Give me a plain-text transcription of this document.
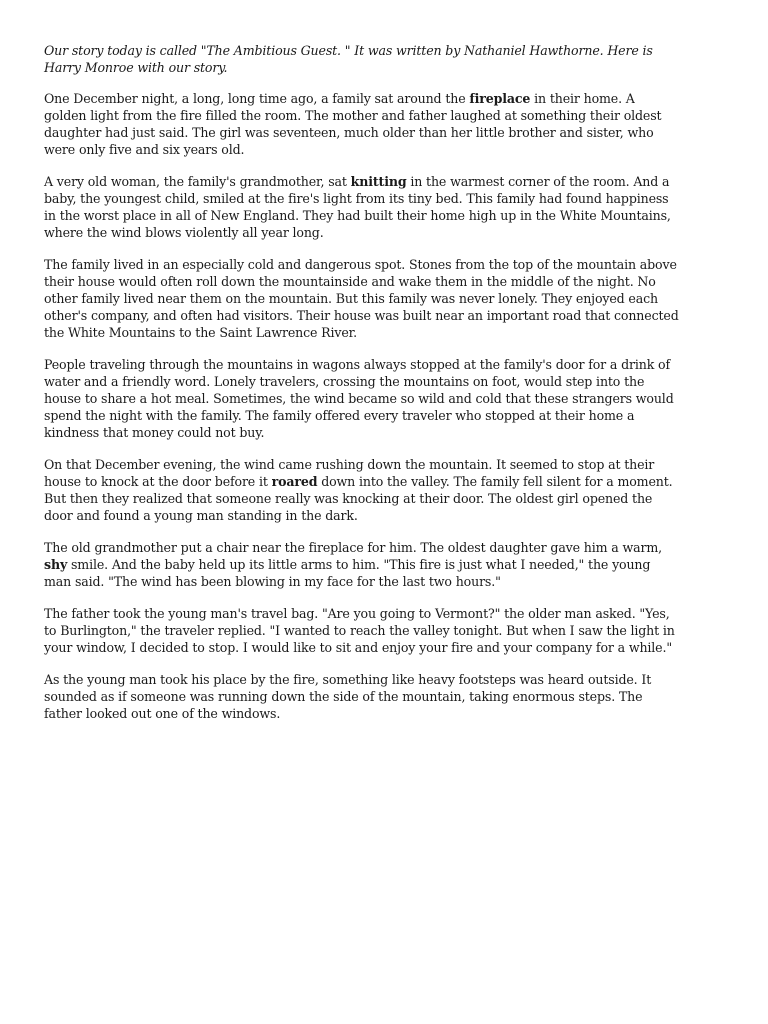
Our story today is called "The Ambitious Guest. " It was written by Nathaniel Hawthorne. Here is Harry Monroe with our story.

One December night, a long, long time ago, a family sat around the fireplace in their home. A golden light from the fire filled the room. The mother and father laughed at something their oldest daughter had just said. The girl was seventeen, much older than her little brother and sister, who were only five and six years old.

A very old woman, the family's grandmother, sat knitting in the warmest corner of the room. And a baby, the youngest child, smiled at the fire's light from its tiny bed. This family had found happiness in the worst place in all of New England. They had built their home high up in the White Mountains, where the wind blows violently all year long.

The family lived in an especially cold and dangerous spot. Stones from the top of the mountain above their house would often roll down the mountainside and wake them in the middle of the night. No other family lived near them on the mountain. But this family was never lonely. They enjoyed each other's company, and often had visitors. Their house was built near an important road that connected the White Mountains to the Saint Lawrence River.

People traveling through the mountains in wagons always stopped at the family's door for a drink of water and a friendly word. Lonely travelers, crossing the mountains on foot, would step into the house to share a hot meal. Sometimes, the wind became so wild and cold that these strangers would spend the night with the family. The family offered every traveler who stopped at their home a kindness that money could not buy.

On that December evening, the wind came rushing down the mountain. It seemed to stop at their house to knock at the door before it roared down into the valley. The family fell silent for a moment. But then they realized that someone really was knocking at their door. The oldest girl opened the door and found a young man standing in the dark.

The old grandmother put a chair near the fireplace for him. The oldest daughter gave him a warm, shy smile. And the baby held up its little arms to him. "This fire is just what I needed," the young man said. "The wind has been blowing in my face for the last two hours."

The father took the young man's travel bag. "Are you going to Vermont?" the older man asked. "Yes, to Burlington," the traveler replied. "I wanted to reach the valley tonight. But when I saw the light in your window, I decided to stop. I would like to sit and enjoy your fire and your company for a while."

As the young man took his place by the fire, something like heavy footsteps was heard outside. It sounded as if someone was running down the side of the mountain, taking enormous steps. The father looked out one of the windows.
